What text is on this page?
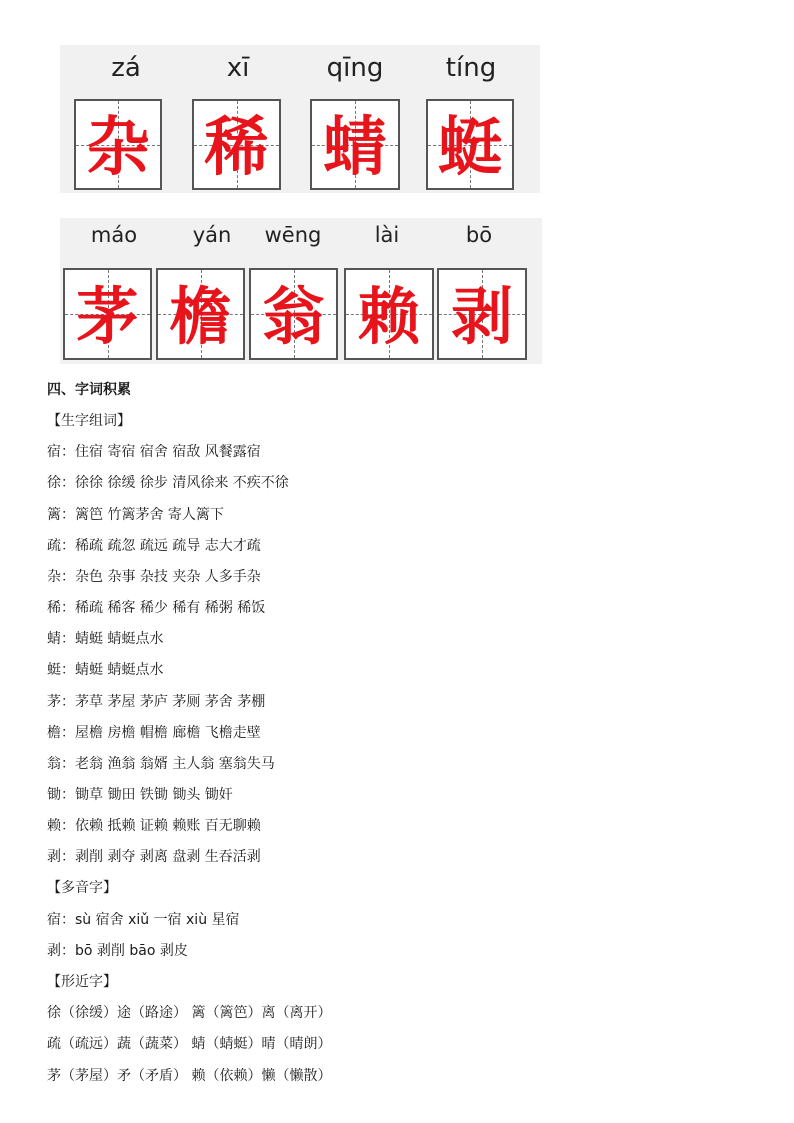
zá	xī	qīng	tíng
杂 稀 蜻 蜓
máo	yán	wēng	lài	bō
茅 檐 翁 赖 剥
四、字词积累
【生字组词】
宿：住宿 寄宿 宿舍 宿敌 风餐露宿
徐：徐徐 徐缓 徐步 清风徐来 不疾不徐
篱：篱笆 竹篱茅舍 寄人篱下
疏：稀疏 疏忽 疏远 疏导 志大才疏
杂：杂色 杂事 杂技 夹杂 人多手杂
稀：稀疏 稀客 稀少 稀有 稀粥 稀饭
蜻：蜻蜓 蜻蜓点水
蜓：蜻蜓 蜻蜓点水
茅：茅草 茅屋 茅庐 茅厕 茅舍 茅棚
檐：屋檐 房檐 帽檐 廊檐 飞檐走壁
翁：老翁 渔翁 翁婿 主人翁 塞翁失马
锄：锄草 锄田 铁锄 锄头 锄奸
赖：依赖 抵赖 证赖 赖账 百无聊赖
剥：剥削 剥夺 剥离 盘剥 生吞活剥
【多音字】
宿：sù 宿舍 xiǔ 一宿 xiù 星宿
剥：bō 剥削 bāo 剥皮
【形近字】
徐（徐缓）途（路途） 篱（篱笆）离（离开）
疏（疏远）蔬（蔬菜） 蜻（蜻蜓）晴（晴朗）
茅（茅屋）矛（矛盾） 赖（依赖）懒（懒散）
